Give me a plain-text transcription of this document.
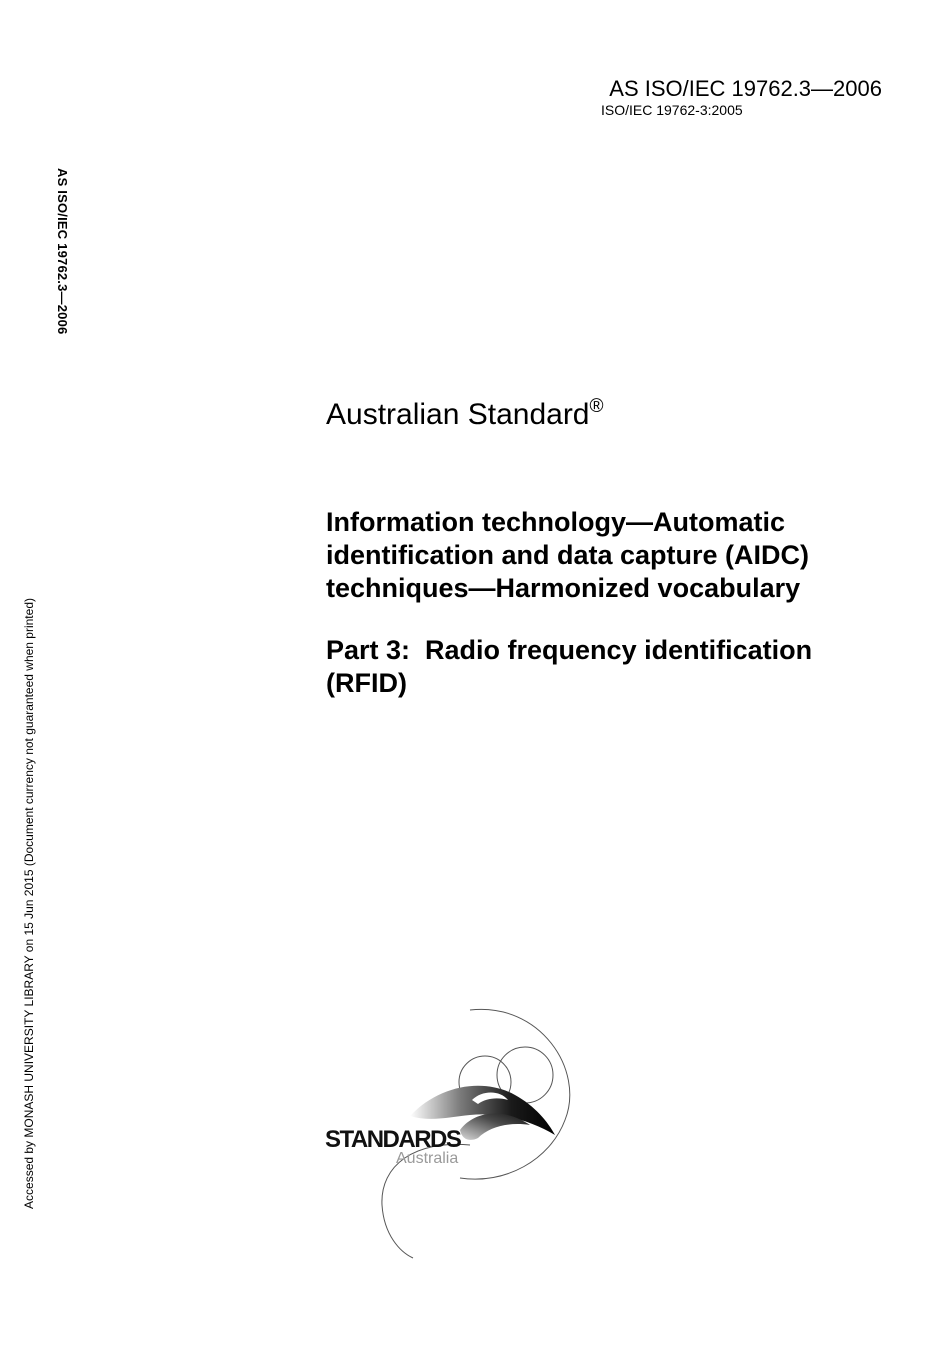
AS ISO/IEC 19762.3—2006
ISO/IEC 19762-3:2005
AS ISO/IEC 19762.3—2006
Accessed by MONASH UNIVERSITY LIBRARY on 15 Jun 2015 (Document currency not guaranteed when printed)
Australian Standard®
Information technology—Automatic
identification and data capture (AIDC)
techniques—Harmonized vocabulary
Part 3:  Radio frequency identification
(RFID)
STANDARDS
Australia
